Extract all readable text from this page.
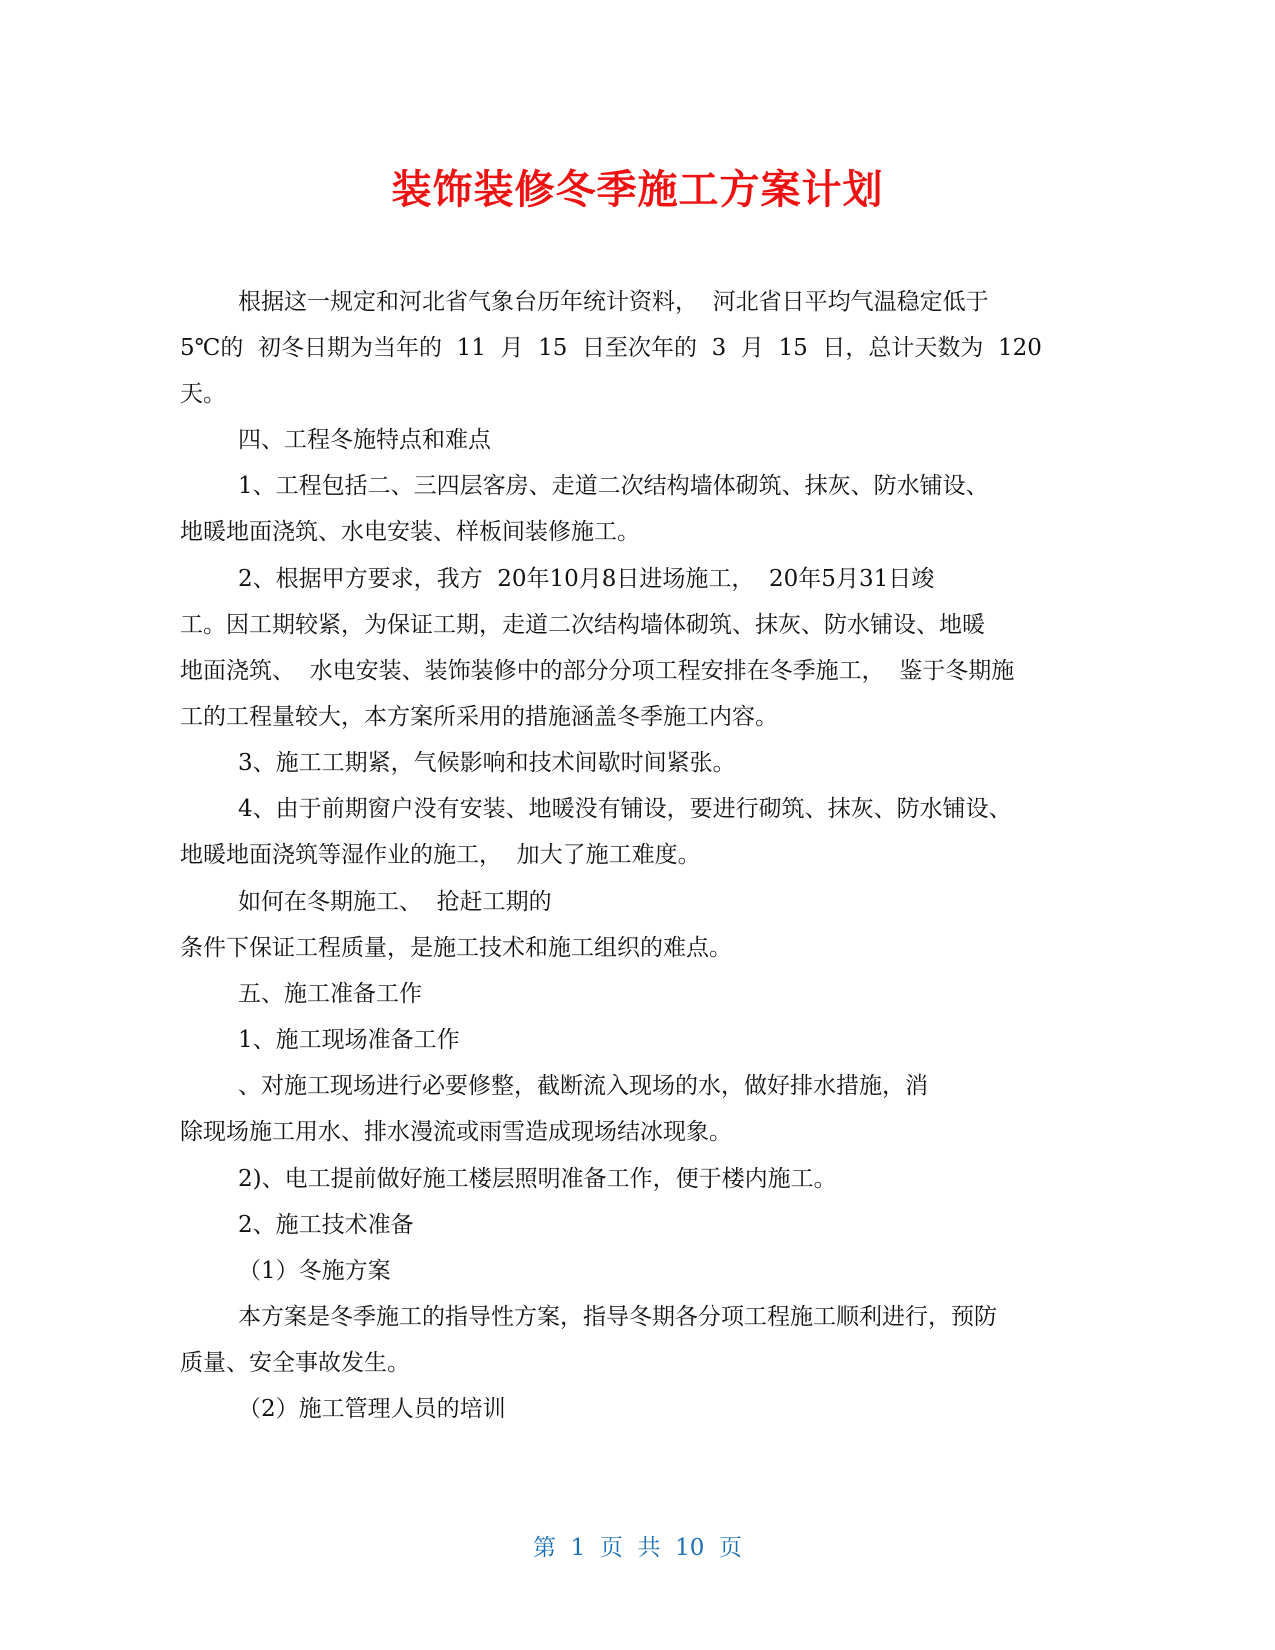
装饰装修冬季施工方案计划
根据这一规定和河北省气象台历年统计资料，  河北省日平均气温稳定低于
5℃的  初冬日期为当年的  11  月  15  日至次年的  3  月  15  日，总计天数为  120
天。
四、工程冬施特点和难点
1、工程包括二、三四层客房、走道二次结构墙体砌筑、抹灰、防水铺设、
地暖地面浇筑、水电安装、样板间装修施工。
2、根据甲方要求，我方  20年10月8日进场施工，  20年5月31日竣
工。因工期较紧，为保证工期，走道二次结构墙体砌筑、抹灰、防水铺设、地暖
地面浇筑、  水电安装、装饰装修中的部分分项工程安排在冬季施工，  鉴于冬期施
工的工程量较大，本方案所采用的措施涵盖冬季施工内容。
3、施工工期紧，气候影响和技术间歇时间紧张。
4、由于前期窗户没有安装、地暖没有铺设，要进行砌筑、抹灰、防水铺设、
地暖地面浇筑等湿作业的施工，  加大了施工难度。
如何在冬期施工、  抢赶工期的
条件下保证工程质量，是施工技术和施工组织的难点。
五、施工准备工作
1、施工现场准备工作
、对施工现场进行必要修整，截断流入现场的水，做好排水措施，消
除现场施工用水、排水漫流或雨雪造成现场结冰现象。
2)、电工提前做好施工楼层照明准备工作，便于楼内施工。
2、施工技术准备
（1）冬施方案
本方案是冬季施工的指导性方案，指导冬期各分项工程施工顺利进行，预防
质量、安全事故发生。
（2）施工管理人员的培训
第  1  页  共  10  页
